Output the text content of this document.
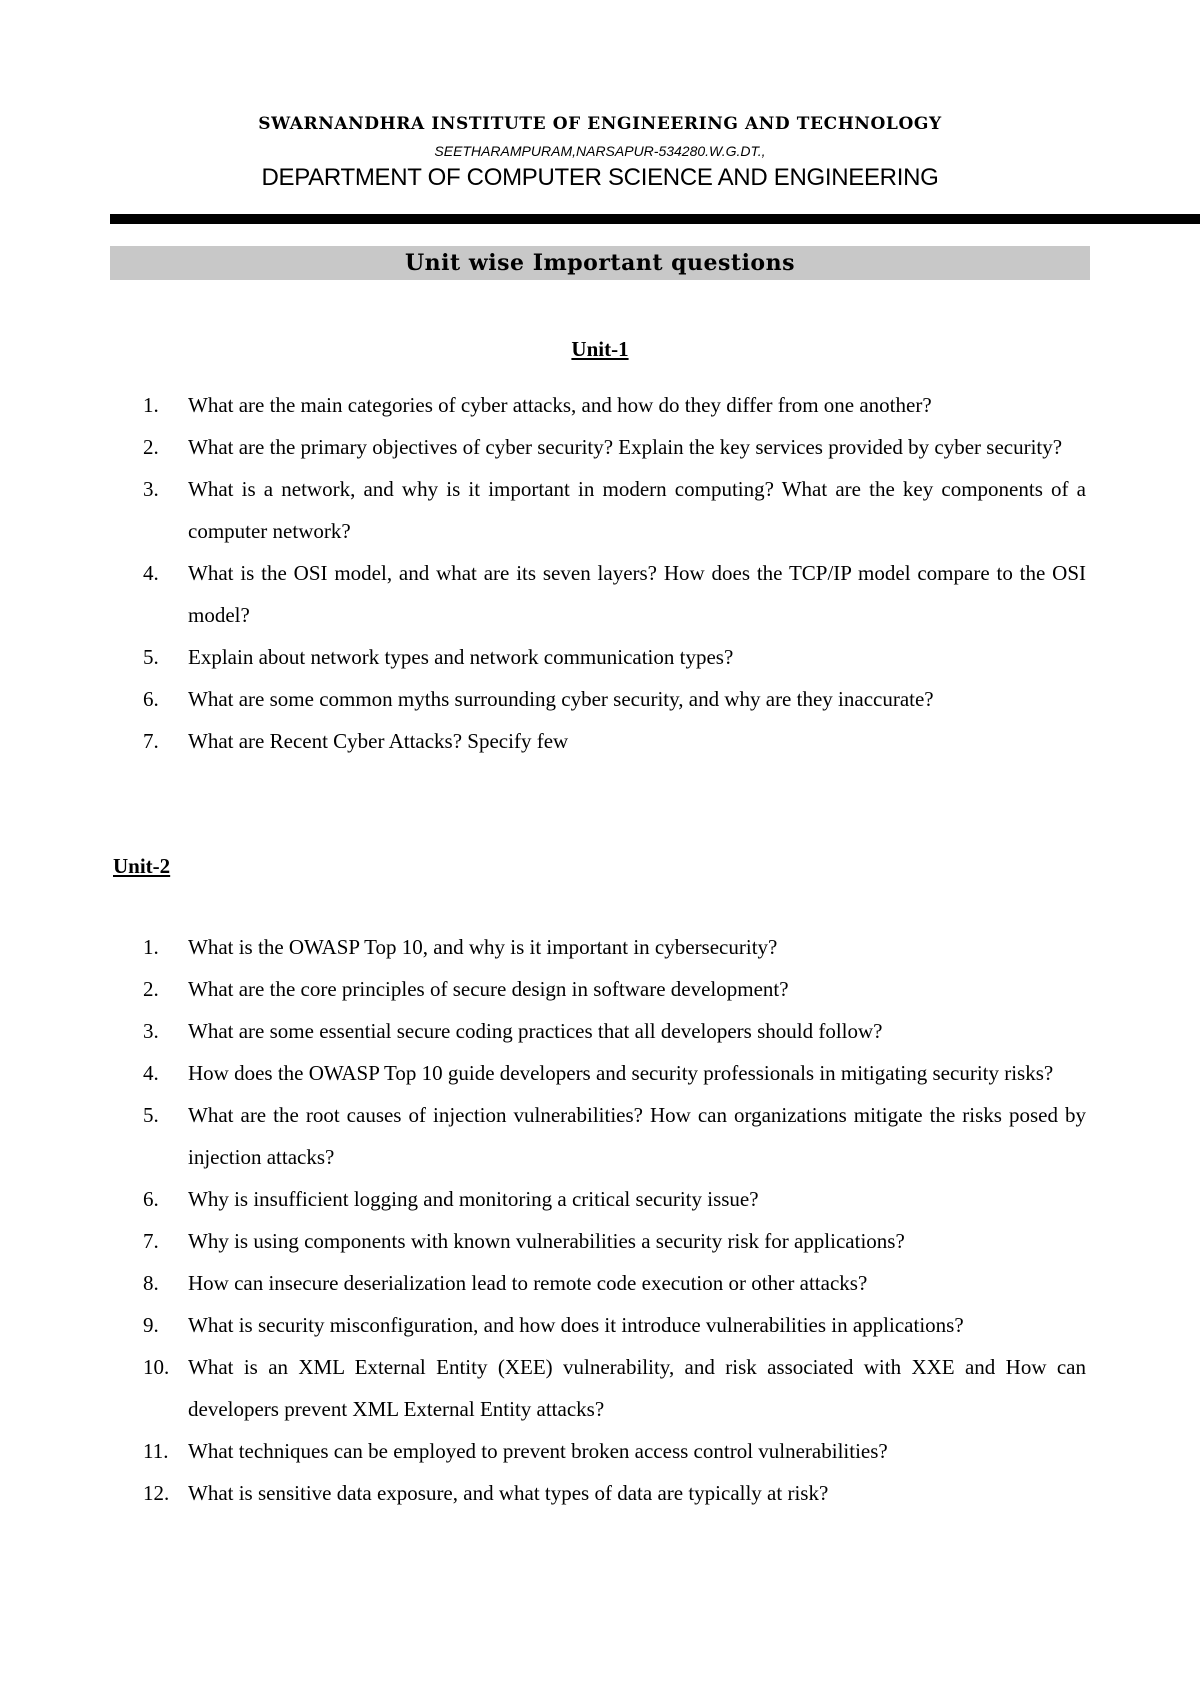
SWARNANDHRA INSTITUTE OF ENGINEERING AND TECHNOLOGY
SEETHARAMPURAM,NARSAPUR-534280.W.G.DT.,
DEPARTMENT OF COMPUTER SCIENCE AND ENGINEERING
Unit wise Important questions
Unit-1
1.	What are the main categories of cyber attacks, and how do they differ from one another?
2.	What are the primary objectives of cyber security? Explain the key services provided by cyber security?
3.	What is a network, and why is it important in modern computing? What are the key components of a computer network?
4.	What is the OSI model, and what are its seven layers? How does the TCP/IP model compare to the OSI model?
5.	Explain about network types and network communication types?
6.	What are some common myths surrounding cyber security, and why are they inaccurate?
7.	What are Recent Cyber Attacks? Specify few
Unit-2
1.	What is the OWASP Top 10, and why is it important in cybersecurity?
2.	What are the core principles of secure design in software development?
3.	What are some essential secure coding practices that all developers should follow?
4.	How does the OWASP Top 10 guide developers and security professionals in mitigating security risks?
5.	What are the root causes of injection vulnerabilities? How can organizations mitigate the risks posed by injection attacks?
6.	Why is insufficient logging and monitoring a critical security issue?
7.	Why is using components with known vulnerabilities a security risk for applications?
8.	How can insecure deserialization lead to remote code execution or other attacks?
9.	What is security misconfiguration, and how does it introduce vulnerabilities in applications?
10. What is an XML External Entity (XEE) vulnerability, and risk associated with XXE and How can developers prevent XML External Entity attacks?
11. What techniques can be employed to prevent broken access control vulnerabilities?
12. What is sensitive data exposure, and what types of data are typically at risk?
